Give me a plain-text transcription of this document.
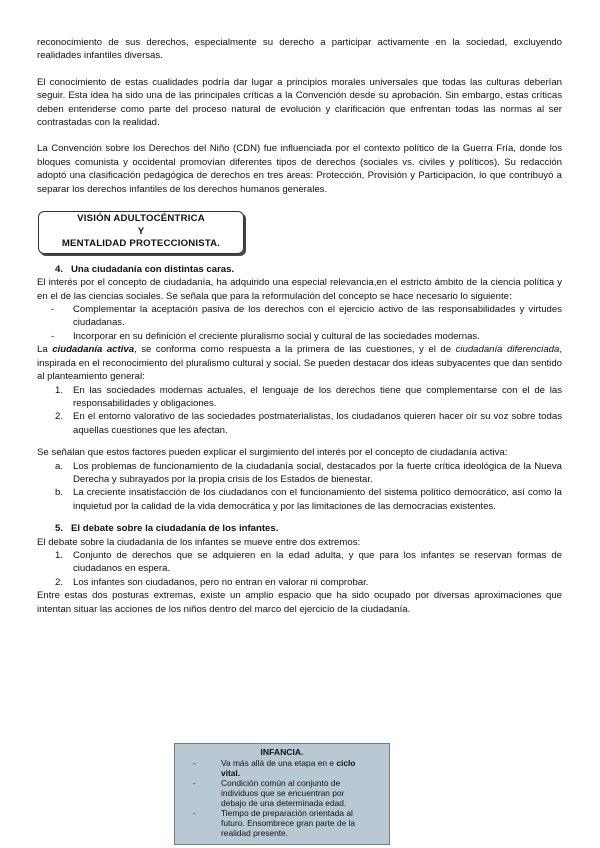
reconocimiento de sus derechos, especialmente su derecho a participar activamente en la sociedad, excluyendo realidades infantiles diversas.

El conocimiento de estas cualidades podría dar lugar a principios morales universales que todas las culturas deberían seguir. Esta idea ha sido una de las principales críticas a la Convención desde su aprobación. Sin embargo, estas críticas deben entenderse como parte del proceso natural de evolución y clarificación que enfrentan todas las normas al ser contrastadas con la realidad.

La Convención sobre los Derechos del Niño (CDN) fue influenciada por el contexto político de la Guerra Fría, donde los bloques comunista y occidental promovían diferentes tipos de derechos (sociales vs. civiles y políticos). Su redacción adoptó una clasificación pedagógica de derechos en tres áreas: Protección, Provisión y Participación, lo que contribuyó a separar los derechos infantiles de los derechos humanos generales.

VISIÓN ADULTOCÉNTRICA
Y
MENTALIDAD PROTECCIONISTA.
4. Una ciudadanía con distintas caras.

El interés por el concepto de ciudadanía, ha adquirido una especial relevancia,en el estricto ámbito de la ciencia política y en el de las ciencias sociales. Se señala que para la reformulación del concepto se hace necesario lo siguiente:

- Complementar la aceptación pasiva de los derechos con el ejercicio activo de las responsabilidades y virtudes ciudadanas.
- Incorporar en su definición el creciente pluralismo social y cultural de las sociedades modernas.

La ciudadanía activa, se conforma como respuesta a la primera de las cuestiones, y el de ciudadanía diferenciada, inspirada en el reconocimiento del pluralismo cultural y social. Se pueden destacar dos ideas subyacentes que dan sentido al planteamiento general:

1. En las sociedades modernas actuales, el lenguaje de los derechos tiene que complementarse con el de las responsabilidades y obligaciones.
2. En el entorno valorativo de las sociedades postmaterialistas, los ciudadanos quieren hacer oír su voz sobre todas aquellas cuestiones que les afectan.

Se señalan que estos factores pueden explicar el surgimiento del interés por el concepto de ciudadanía activa:

a. Los problemas de funcionamiento de la ciudadanía social, destacados por la fuerte crítica ideológica de la Nueva Derecha y subrayados por la propia crisis de los Estados de bienestar.
b. La creciente insatisfacción de los ciudadanos con el funcionamiento del sistema político democrático, así como la inquietud por la calidad de la vida democrática y por las limitaciones de las democracias existentes.
5. El debate sobre la ciudadanía de los infantes.

El debate sobre la ciudadanía de los infantes se mueve entre dos extremos:

1. Conjunto de derechos que se adquieren en la edad adulta, y que para los infantes se reservan formas de ciudadanos en espera.
2. Los infantes son ciudadanos, pero no entran en valorar ni comprobar.

Entre estas dos posturas extremas, existe un amplio espacio que ha sido ocupado por diversas aproximaciones que intentan situar las acciones de los niños dentro del marco del ejercicio de la ciudadanía.

INFANCIA.
-	Va más allá de una etapa en e ciclo vital.
-	Condición común al conjunto de individuos que se encuentran por debajo de una determinada edad.
-	Tiempo de preparación orientada al futuro. Ensombrece gran parte de la realidad presente.
